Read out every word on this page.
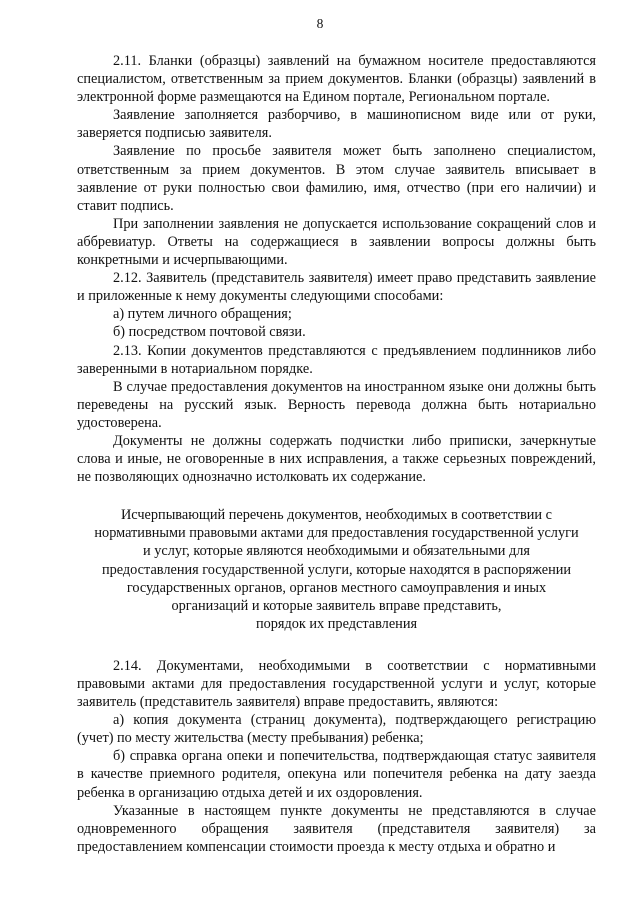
8

2.11. Бланки (образцы) заявлений на бумажном носителе предоставляются специалистом, ответственным за прием документов. Бланки (образцы) заявлений в электронной форме размещаются на Едином портале, Региональном портале.

Заявление заполняется разборчиво, в машинописном виде или от руки, заверяется подписью заявителя.

Заявление по просьбе заявителя может быть заполнено специалистом, ответственным за прием документов. В этом случае заявитель вписывает в заявление от руки полностью свои фамилию, имя, отчество (при его наличии) и ставит подпись.

При заполнении заявления не допускается использование сокращений слов и аббревиатур. Ответы на содержащиеся в заявлении вопросы должны быть конкретными и исчерпывающими.

2.12. Заявитель (представитель заявителя) имеет право представить заявление и приложенные к нему документы следующими способами:

а) путем личного обращения;

б) посредством почтовой связи.

2.13. Копии документов представляются с предъявлением подлинников либо заверенными в нотариальном порядке.

В случае предоставления документов на иностранном языке они должны быть переведены на русский язык. Верность перевода должна быть нотариально удостоверена.

Документы не должны содержать подчистки либо приписки, зачеркнутые слова и иные, не оговоренные в них исправления, а также серьезных повреждений, не позволяющих однозначно истолковать их содержание.

Исчерпывающий перечень документов, необходимых в соответствии с
нормативными правовыми актами для предоставления государственной услуги
и услуг, которые являются необходимыми и обязательными для
предоставления государственной услуги, которые находятся в распоряжении
государственных органов, органов местного самоуправления и иных
организаций и которые заявитель вправе представить,
порядок их представления

2.14. Документами, необходимыми в соответствии с нормативными правовыми актами для предоставления государственной услуги и услуг, которые заявитель (представитель заявителя) вправе предоставить, являются:

а) копия документа (страниц документа), подтверждающего регистрацию (учет) по месту жительства (месту пребывания) ребенка;

б) справка органа опеки и попечительства, подтверждающая статус заявителя в качестве приемного родителя, опекуна или попечителя ребенка на дату заезда ребенка в организацию отдыха детей и их оздоровления.

Указанные в настоящем пункте документы не представляются в случае одновременного обращения заявителя (представителя заявителя) за предоставлением компенсации стоимости проезда к месту отдыха и обратно и
